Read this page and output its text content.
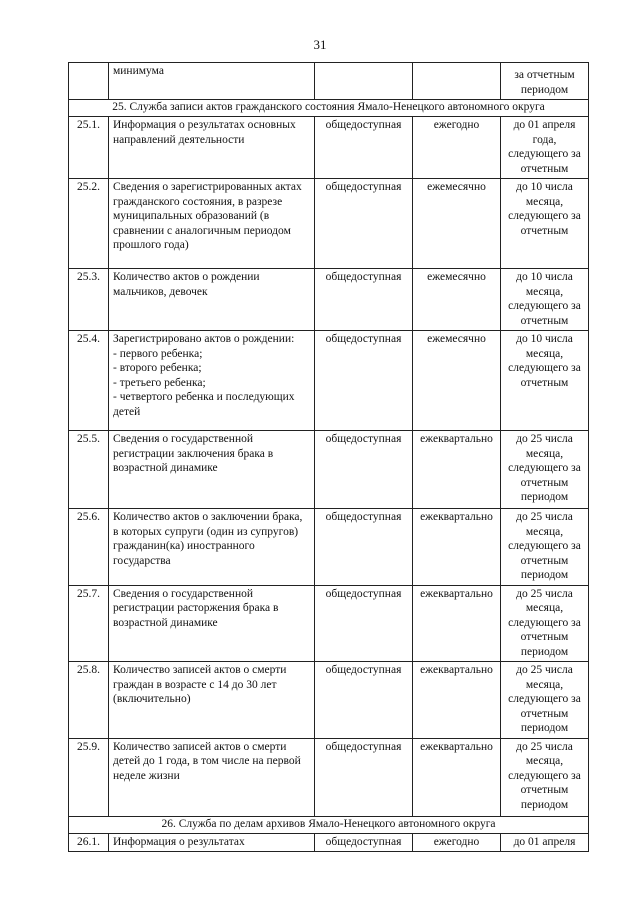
31
	минимума			за отчетным периодом

25. Служба записи актов гражданского состояния Ямало-Ненецкого автономного округа				
25.1.	Информация о результатах основных направлений деятельности	общедоступная	ежегодно	до 01 апреля года, следующего за отчетным
25.2.	Сведения о зарегистрированных актах гражданского состояния, в разрезе муниципальных образований (в сравнении с аналогичным периодом прошлого года)	общедоступная	ежемесячно	до 10 числа месяца, следующего за отчетным
25.3.	Количество актов о рождении мальчиков, девочек	общедоступная	ежемесячно	до 10 числа месяца, следующего за отчетным
25.4.	Зарегистрировано актов о рождении:
- первого ребенка;
- второго ребенка;
- третьего ребенка;
- четвертого ребенка и последующих детей	общедоступная	ежемесячно	до 10 числа месяца, следующего за отчетным
25.5.	Сведения о государственной регистрации заключения брака в возрастной динамике	общедоступная	ежеквартально	до 25 числа месяца, следующего за отчетным периодом
25.6.	Количество актов о заключении брака, в которых супруги (один из супругов) гражданин(ка) иностранного государства	общедоступная	ежеквартально	до 25 числа месяца, следующего за отчетным периодом
25.7.	Сведения о государственной регистрации расторжения брака в возрастной динамике	общедоступная	ежеквартально	до 25 числа месяца, следующего за отчетным периодом
25.8.	Количество записей актов о смерти граждан в возрасте с 14 до 30 лет (включительно)	общедоступная	ежеквартально	до 25 числа месяца, следующего за отчетным периодом
25.9.	Количество записей актов о смерти детей до 1 года, в том числе на первой неделе жизни	общедоступная	ежеквартально	до 25 числа месяца, следующего за отчетным периодом
26. Служба по делам архивов Ямало-Ненецкого автономного округа				
26.1.	Информация о результатах	общедоступная	ежегодно	до 01 апреля
